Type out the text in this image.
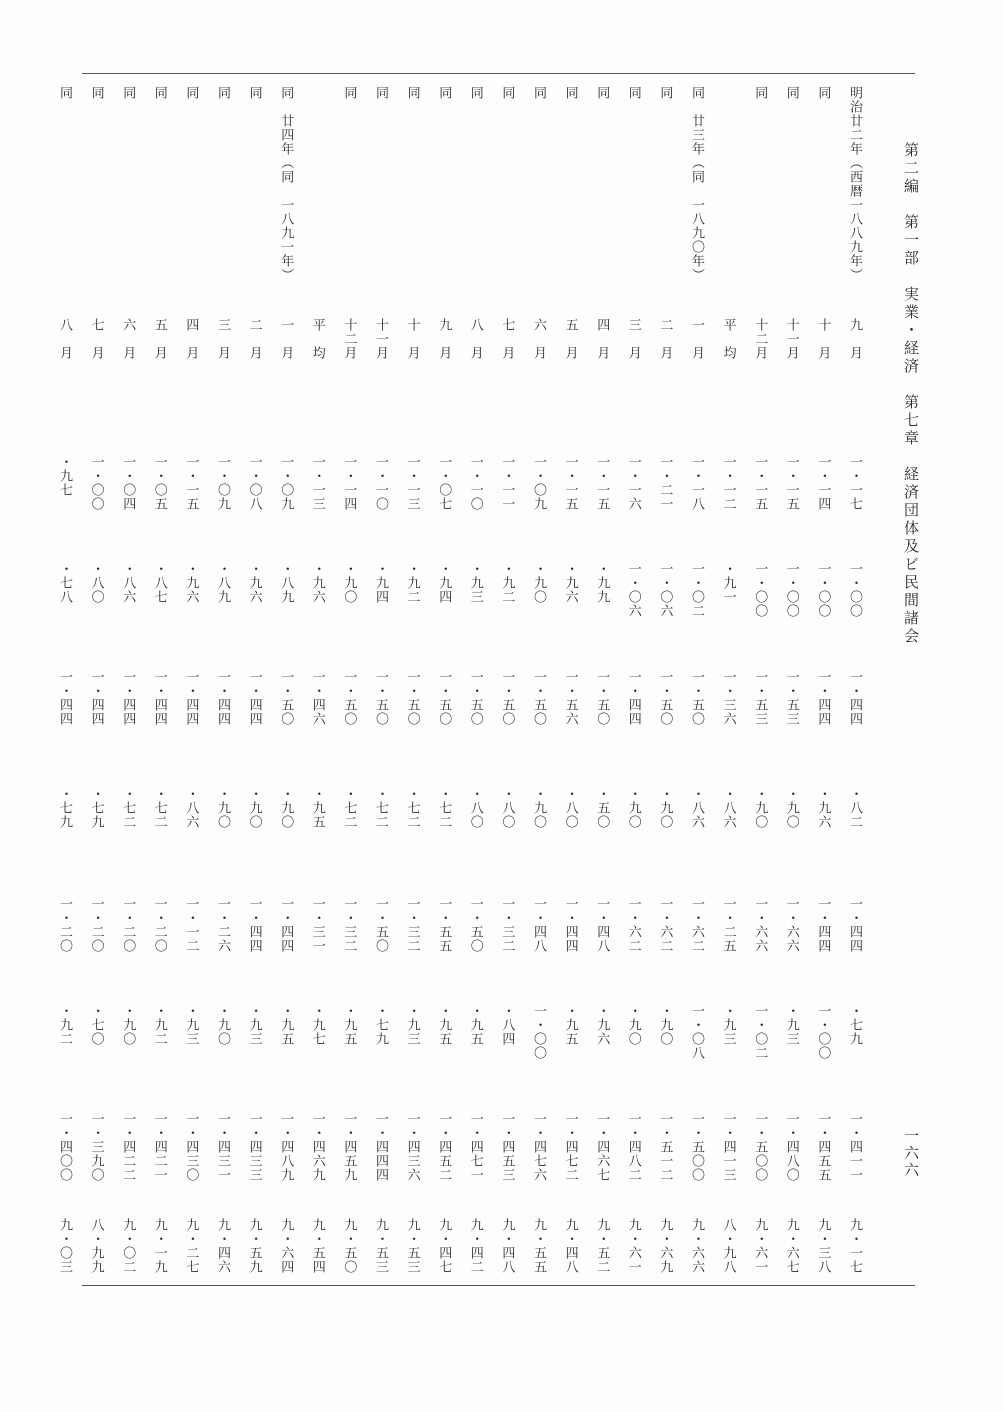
第二編　第一部　実業・経済　第七章　経済団体及ビ民間諸会
一六六
明治廿二年（西暦一八八九年）
九　月
一・一七
一・〇〇
一・四四
・八二
一・四四
・七九
一・四一一
九・一七
同
十　月
一・一四
一・〇〇
一・四四
・九六
一・四四
一・〇〇
一・四五五
九・三八
同
十一月
一・一五
一・〇〇
一・五三
・九〇
一・六六
・九三
一・四八〇
九・六七
同
十二月
一・一五
一・〇〇
一・五三
・九〇
一・六六
一・〇二
一・五〇〇
九・六一
平　均
一・一二
・九一
一・三六
・八六
一・二五
・九三
一・四一三
八・九八
同　廿三年（同　一八九〇年）
一　月
一・一八
一・〇二
一・五〇
・八六
一・六二
一・〇八
一・五〇〇
九・六六
同
二　月
一・二一
一・〇六
一・五〇
・九〇
一・六二
・九〇
一・五一二
九・六九
同
三　月
一・一六
一・〇六
一・四四
・九〇
一・六二
・九〇
一・四八二
九・六一
同
四　月
一・一五
・九九
一・五〇
・五〇
一・四八
・九六
一・四六七
九・五二
同
五　月
一・一五
・九六
一・五六
・八〇
一・四四
・九五
一・四七二
九・四八
同
六　月
一・〇九
・九〇
一・五〇
・九〇
一・四八
一・〇〇
一・四七六
九・五五
同
七　月
一・一一
・九二
一・五〇
・八〇
一・三二
・八四
一・四五三
九・四八
同
八　月
一・一〇
・九三
一・五〇
・八〇
一・五〇
・九五
一・四七一
九・四二
同
九　月
一・〇七
・九四
一・五〇
・七二
一・五五
・九五
一・四五二
九・四七
同
十　月
一・一三
・九二
一・五〇
・七二
一・三二
・九三
一・四三六
九・五三
同
十一月
一・一〇
・九四
一・五〇
・七二
一・五〇
・七九
一・四四四
九・五三
同
十二月
一・一四
・九〇
一・五〇
・七二
一・三二
・九五
一・四五九
九・五〇
平　均
一・一三
・九六
一・四六
・九五
一・三一
・九七
一・四六九
九・五四
同　廿四年（同　一八九一年）
一　月
一・〇九
・八九
一・五〇
・九〇
一・四四
・九五
一・四八九
九・六四
同
二　月
一・〇八
・九六
一・四四
・九〇
一・四四
・九三
一・四三三
九・五九
同
三　月
一・〇九
・八九
一・四四
・九〇
一・二六
・九〇
一・四三一
九・四六
同
四　月
一・一五
・九六
一・四四
・八六
一・一二
・九三
一・四三〇
九・二七
同
五　月
一・〇五
・八七
一・四四
・七二
一・二〇
・九二
一・四二一
九・一九
同
六　月
一・〇四
・八六
一・四四
・七二
一・二〇
・九〇
一・四二二
九・〇二
同
七　月
一・〇〇
・八〇
一・四四
・七九
一・二〇
・七〇
一・三九〇
八・九九
同
八　月
・九七
・七八
一・四四
・七九
一・二〇
・九二
一・四〇〇
九・〇三
